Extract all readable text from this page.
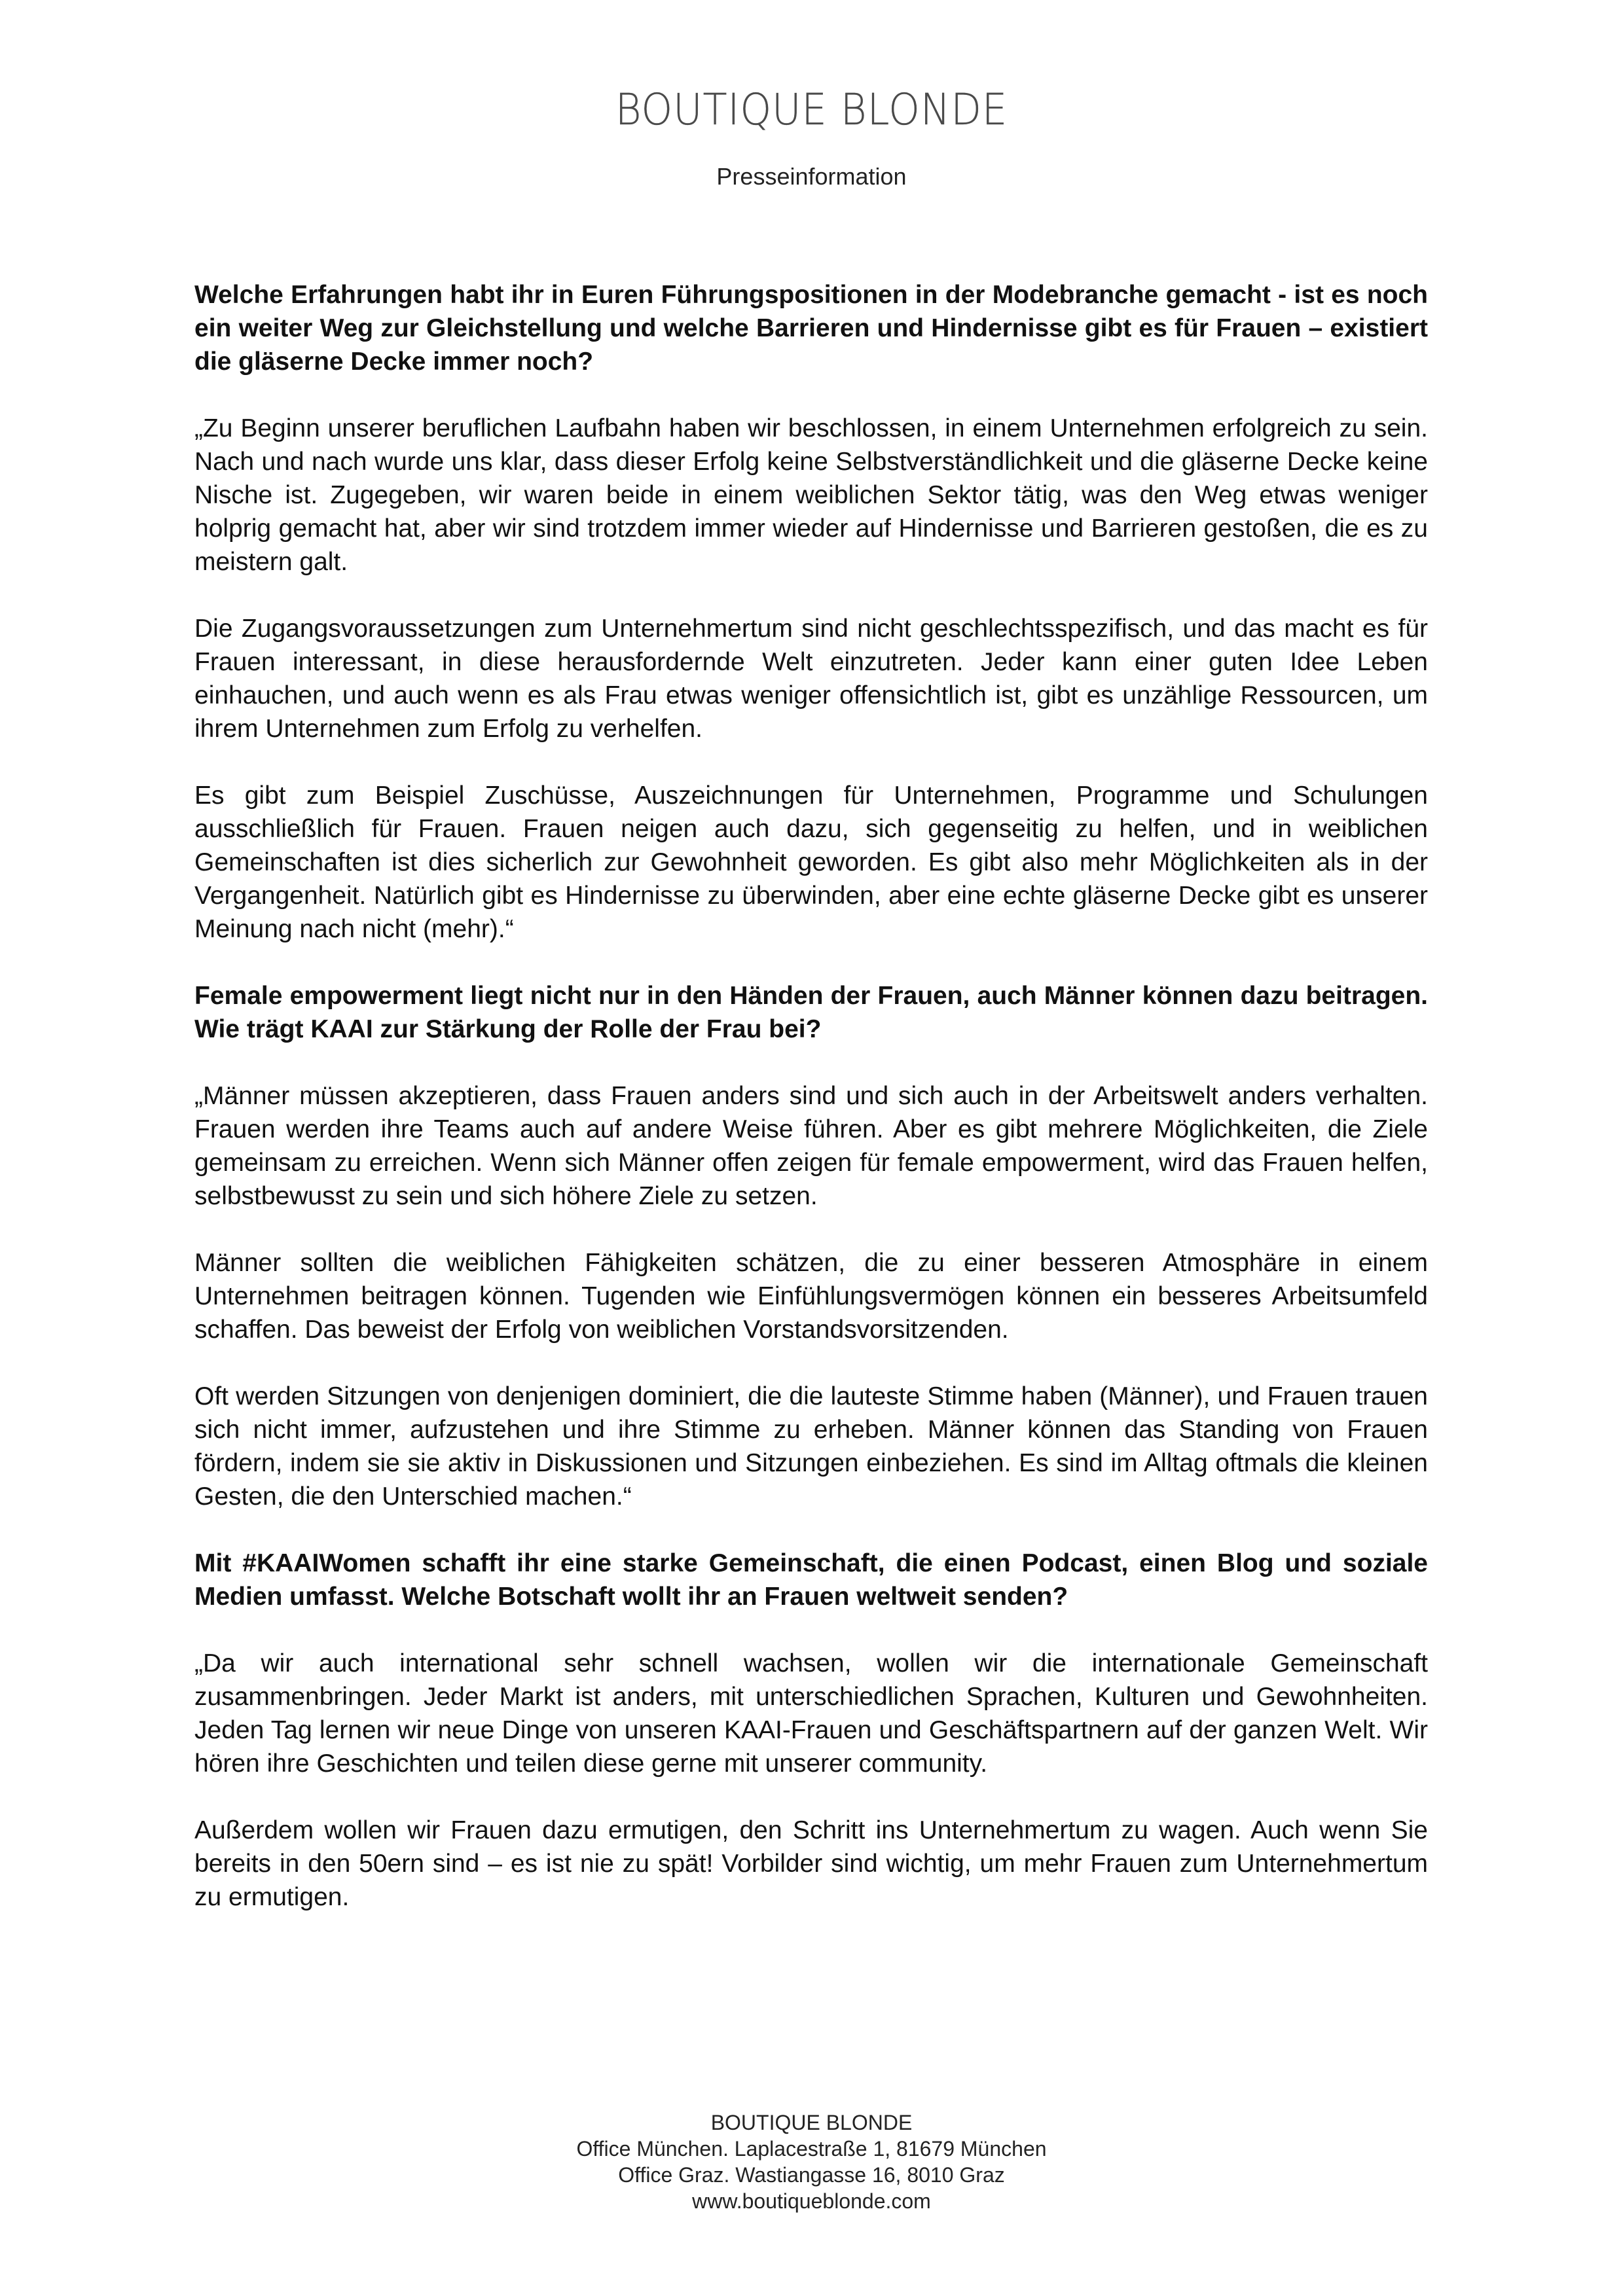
BOUTIQUE BLONDE
Presseinformation

Welche Erfahrungen habt ihr in Euren Führungspositionen in der Modebranche gemacht - ist es noch ein weiter Weg zur Gleichstellung und welche Barrieren und Hindernisse gibt es für Frauen – existiert die gläserne Decke immer noch?

„Zu Beginn unserer beruflichen Laufbahn haben wir beschlossen, in einem Unternehmen erfolgreich zu sein. Nach und nach wurde uns klar, dass dieser Erfolg keine Selbstverständlichkeit und die gläserne Decke keine Nische ist. Zugegeben, wir waren beide in einem weiblichen Sektor tätig, was den Weg etwas weniger holprig gemacht hat, aber wir sind trotzdem immer wieder auf Hindernisse und Barrieren gestoßen, die es zu meistern galt.

Die Zugangsvoraussetzungen zum Unternehmertum sind nicht geschlechtsspezifisch, und das macht es für Frauen interessant, in diese herausfordernde Welt einzutreten. Jeder kann einer guten Idee Leben einhauchen, und auch wenn es als Frau etwas weniger offensichtlich ist, gibt es unzählige Ressourcen, um ihrem Unternehmen zum Erfolg zu verhelfen.

Es gibt zum Beispiel Zuschüsse, Auszeichnungen für Unternehmen, Programme und Schulungen ausschließlich für Frauen. Frauen neigen auch dazu, sich gegenseitig zu helfen, und in weiblichen Gemeinschaften ist dies sicherlich zur Gewohnheit geworden. Es gibt also mehr Möglichkeiten als in der Vergangenheit. Natürlich gibt es Hindernisse zu überwinden, aber eine echte gläserne Decke gibt es unserer Meinung nach nicht (mehr).“

Female empowerment liegt nicht nur in den Händen der Frauen, auch Männer können dazu beitragen. Wie trägt KAAI zur Stärkung der Rolle der Frau bei?

„Männer müssen akzeptieren, dass Frauen anders sind und sich auch in der Arbeitswelt anders verhalten. Frauen werden ihre Teams auch auf andere Weise führen. Aber es gibt mehrere Möglichkeiten, die Ziele gemeinsam zu erreichen. Wenn sich Männer offen zeigen für female empowerment, wird das Frauen helfen, selbstbewusst zu sein und sich höhere Ziele zu setzen.

Männer sollten die weiblichen Fähigkeiten schätzen, die zu einer besseren Atmosphäre in einem Unternehmen beitragen können. Tugenden wie Einfühlungsvermögen können ein besseres Arbeitsumfeld schaffen. Das beweist der Erfolg von weiblichen Vorstandsvorsitzenden.

Oft werden Sitzungen von denjenigen dominiert, die die lauteste Stimme haben (Männer), und Frauen trauen sich nicht immer, aufzustehen und ihre Stimme zu erheben. Männer können das Standing von Frauen fördern, indem sie sie aktiv in Diskussionen und Sitzungen einbeziehen. Es sind im Alltag oftmals die kleinen Gesten, die den Unterschied machen.“

Mit #KAAIWomen schafft ihr eine starke Gemeinschaft, die einen Podcast, einen Blog und soziale Medien umfasst. Welche Botschaft wollt ihr an Frauen weltweit senden?

„Da wir auch international sehr schnell wachsen, wollen wir die internationale Gemeinschaft zusammenbringen. Jeder Markt ist anders, mit unterschiedlichen Sprachen, Kulturen und Gewohnheiten. Jeden Tag lernen wir neue Dinge von unseren KAAI-Frauen und Geschäftspartnern auf der ganzen Welt. Wir hören ihre Geschichten und teilen diese gerne mit unserer community.

Außerdem wollen wir Frauen dazu ermutigen, den Schritt ins Unternehmertum zu wagen. Auch wenn Sie bereits in den 50ern sind – es ist nie zu spät! Vorbilder sind wichtig, um mehr Frauen zum Unternehmertum zu ermutigen.

BOUTIQUE BLONDE
Office München. Laplacestraße 1, 81679 München
Office Graz. Wastiangasse 16, 8010 Graz
www.boutiqueblonde.com
